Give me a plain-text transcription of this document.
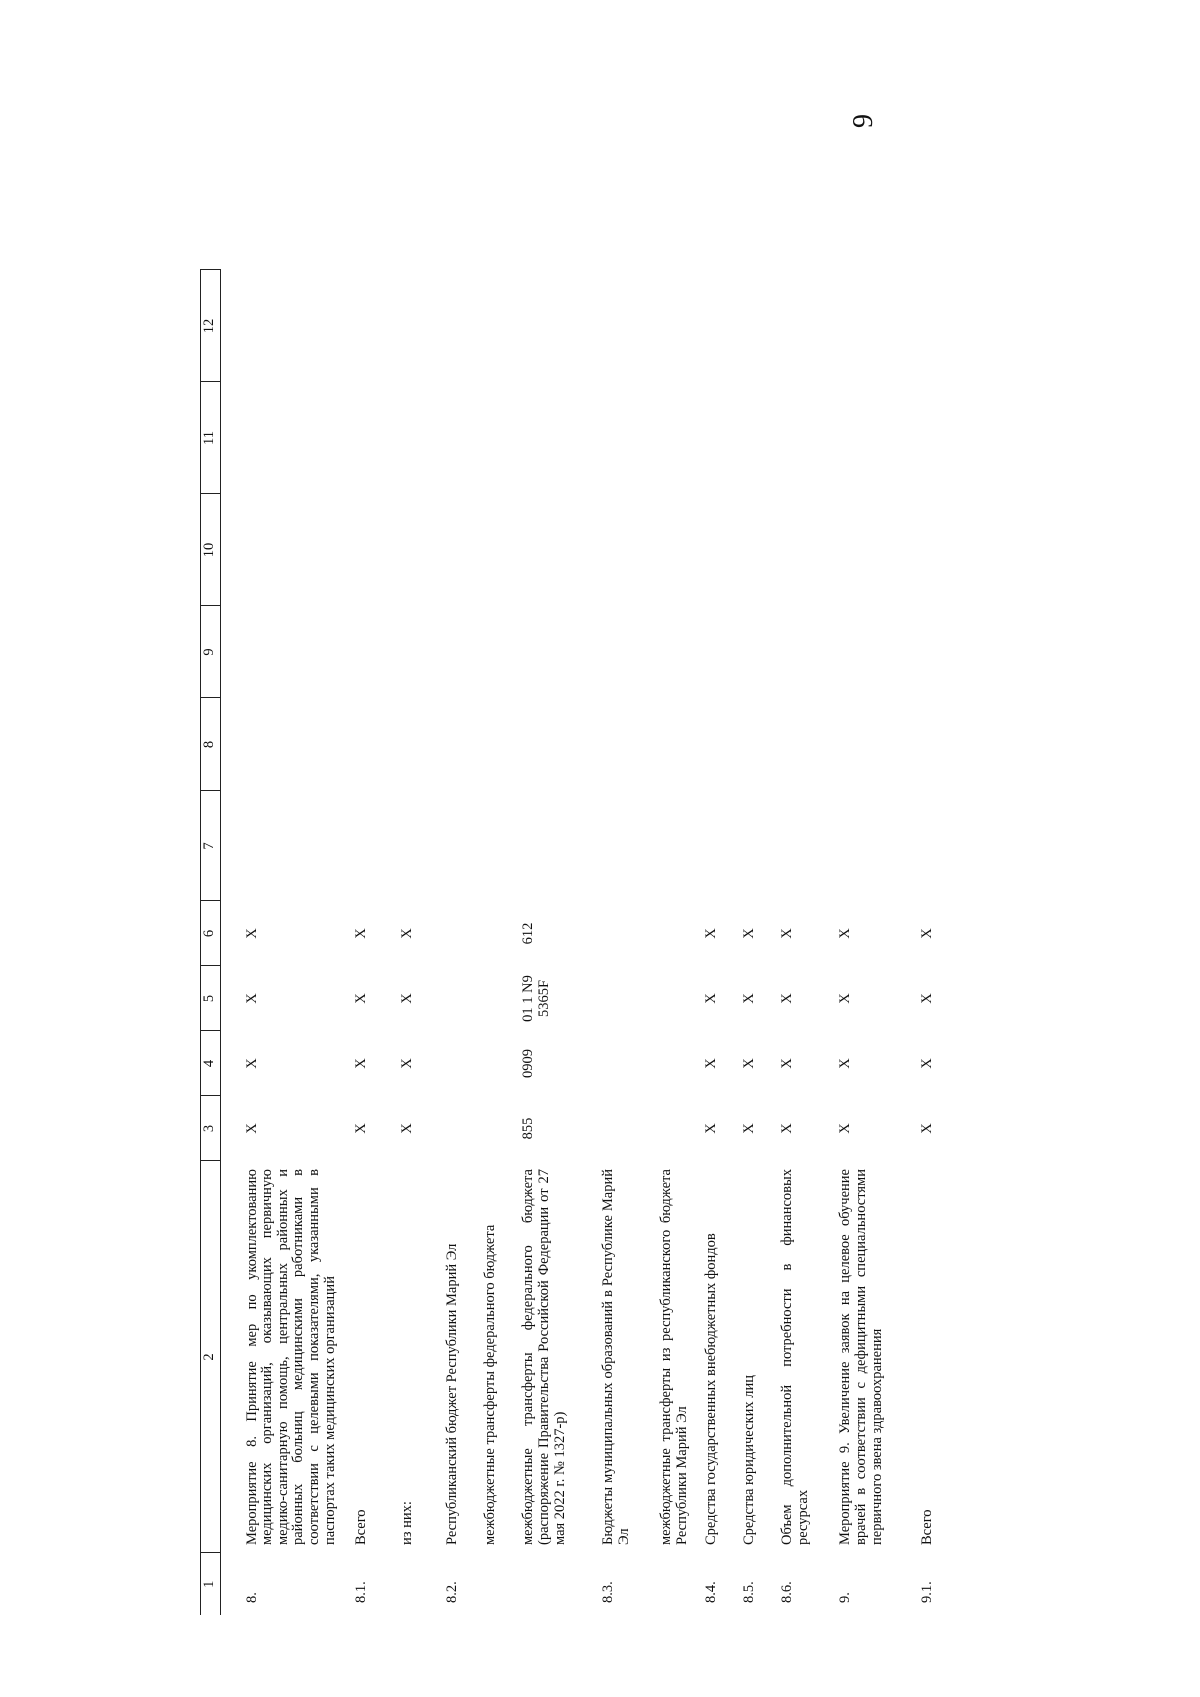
9
1	2	3	4	5	6	7	8	9	10	11	12

8.	Мероприятие 8. Принятие мер по укомплектованию медицинских организаций, оказывающих первичную медико-санитарную помощь, центральных районных и районных больниц медицинскими работниками в соответствии с целевыми показателями, указанными в паспортах таких медицинских организаций	X	X	X	X						
8.1.	Всего	X	X	X	X						

	из них:	X	X	X	X						
8.2.	Республиканский бюджет Республики Марий Эл										

	межбюджетные трансферты федерального бюджета										

	межбюджетные трансферты федерального бюджета (распоряжение Правительства Российской Федерации от 27 мая 2022 г. № 1327-р)	855	0909	01 1 N9 5365F	612						
8.3.	Бюджеты муниципальных образований в Республике Марий Эл										

	межбюджетные трансферты из республиканского бюджета Республики Марий Эл										

8.4.	Средства государственных внебюджетных фондов	X	X	X	X						
8.5.	Средства юридических лиц	X	X	X	X						
8.6.	Объем дополнительной потребности в финансовых ресурсах	X	X	X	X						
9.	Мероприятие 9. Увеличение заявок на целевое обучение врачей в соответствии с дефицитными специальностями первичного звена здравоохранения	X	X	X	X						
9.1.	Всего	X	X	X	X						
